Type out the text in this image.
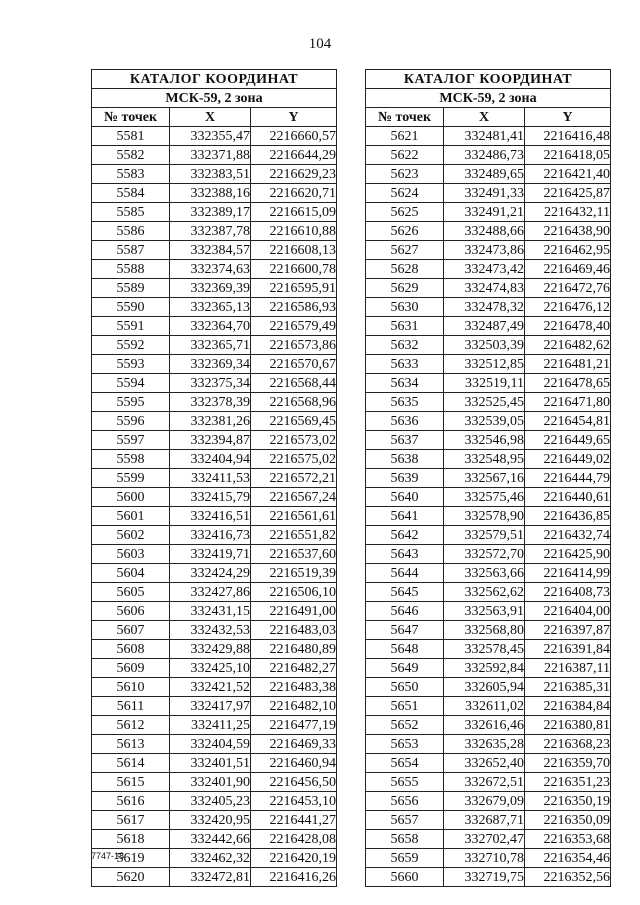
104
КАТАЛОГ КООРДИНАТ		
МСК-59, 2 зона		
№ точек	X	Y
5581	332355,47	2216660,57
5582	332371,88	2216644,29
5583	332383,51	2216629,23
5584	332388,16	2216620,71
5585	332389,17	2216615,09
5586	332387,78	2216610,88
5587	332384,57	2216608,13
5588	332374,63	2216600,78
5589	332369,39	2216595,91
5590	332365,13	2216586,93
5591	332364,70	2216579,49
5592	332365,71	2216573,86
5593	332369,34	2216570,67
5594	332375,34	2216568,44
5595	332378,39	2216568,96
5596	332381,26	2216569,45
5597	332394,87	2216573,02
5598	332404,94	2216575,02
5599	332411,53	2216572,21
5600	332415,79	2216567,24
5601	332416,51	2216561,61
5602	332416,73	2216551,82
5603	332419,71	2216537,60
5604	332424,29	2216519,39
5605	332427,86	2216506,10
5606	332431,15	2216491,00
5607	332432,53	2216483,03
5608	332429,88	2216480,89
5609	332425,10	2216482,27
5610	332421,52	2216483,38
5611	332417,97	2216482,10
5612	332411,25	2216477,19
5613	332404,59	2216469,33
5614	332401,51	2216460,94
5615	332401,90	2216456,50
5616	332405,23	2216453,10
5617	332420,95	2216441,27
5618	332442,66	2216428,08
5619	332462,32	2216420,19
5620	332472,81	2216416,26
КАТАЛОГ КООРДИНАТ		
МСК-59, 2 зона		
№ точек	X	Y
5621	332481,41	2216416,48
5622	332486,73	2216418,05
5623	332489,65	2216421,40
5624	332491,33	2216425,87
5625	332491,21	2216432,11
5626	332488,66	2216438,90
5627	332473,86	2216462,95
5628	332473,42	2216469,46
5629	332474,83	2216472,76
5630	332478,32	2216476,12
5631	332487,49	2216478,40
5632	332503,39	2216482,62
5633	332512,85	2216481,21
5634	332519,11	2216478,65
5635	332525,45	2216471,80
5636	332539,05	2216454,81
5637	332546,98	2216449,65
5638	332548,95	2216449,02
5639	332567,16	2216444,79
5640	332575,46	2216440,61
5641	332578,90	2216436,85
5642	332579,51	2216432,74
5643	332572,70	2216425,90
5644	332563,66	2216414,99
5645	332562,62	2216408,73
5646	332563,91	2216404,00
5647	332568,80	2216397,87
5648	332578,45	2216391,84
5649	332592,84	2216387,11
5650	332605,94	2216385,31
5651	332611,02	2216384,84
5652	332616,46	2216380,81
5653	332635,28	2216368,23
5654	332652,40	2216359,70
5655	332672,51	2216351,23
5656	332679,09	2216350,19
5657	332687,71	2216350,09
5658	332702,47	2216353,68
5659	332710,78	2216354,46
5660	332719,75	2216352,56
7747-18
